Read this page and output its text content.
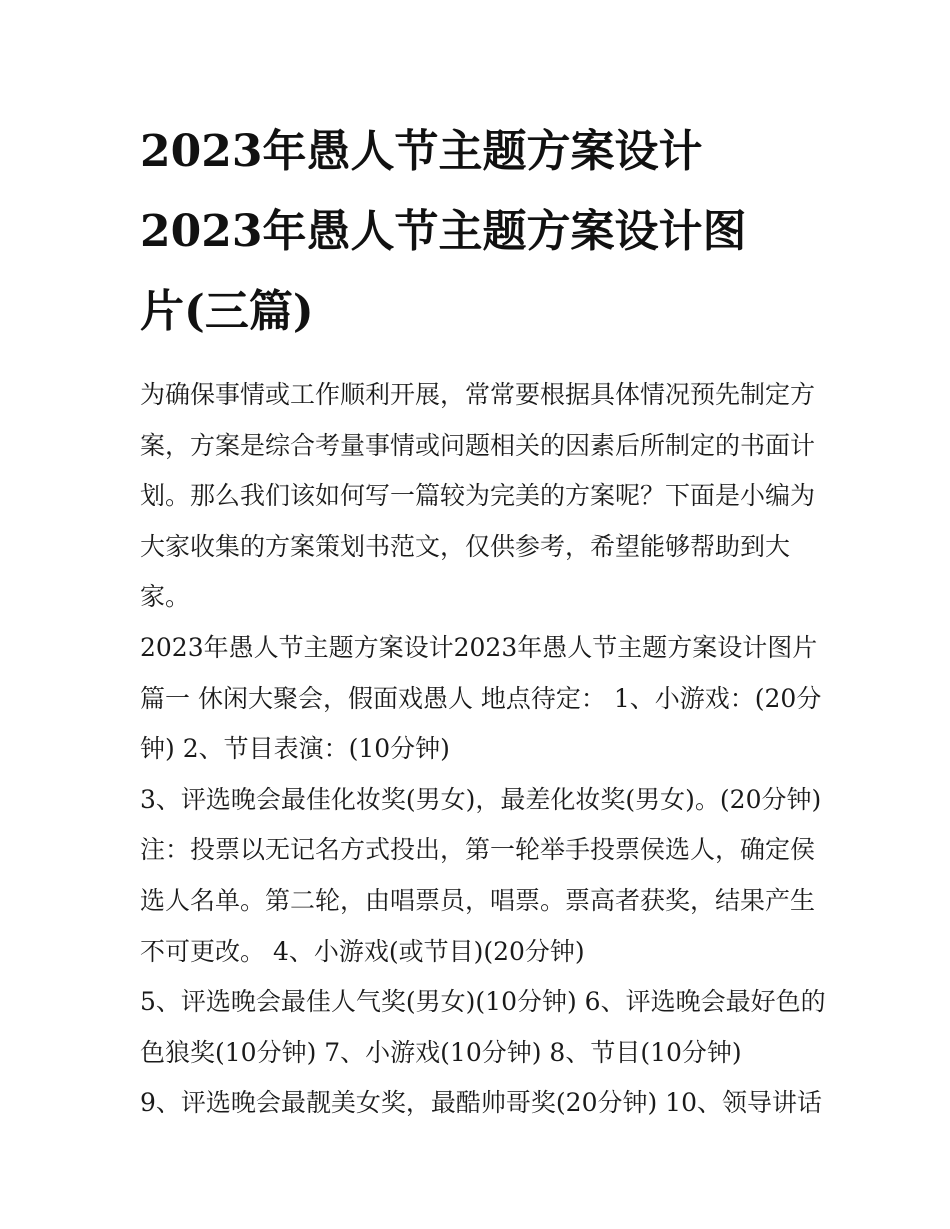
2023年愚人节主题方案设计
2023年愚人节主题方案设计图
片(三篇)
为确保事情或工作顺利开展，常常要根据具体情况预先制定方
案，方案是综合考量事情或问题相关的因素后所制定的书面计
划。那么我们该如何写一篇较为完美的方案呢？下面是小编为
大家收集的方案策划书范文，仅供参考，希望能够帮助到大
家。
2023年愚人节主题方案设计2023年愚人节主题方案设计图片
篇一 休闲大聚会，假面戏愚人 地点待定： 1、小游戏：(20分
钟) 2、节目表演：(10分钟)
3、评选晚会最佳化妆奖(男女)，最差化妆奖(男女)。(20分钟)
注：投票以无记名方式投出，第一轮举手投票侯选人，确定侯
选人名单。第二轮，由唱票员，唱票。票高者获奖，结果产生
不可更改。 4、小游戏(或节目)(20分钟)
5、评选晚会最佳人气奖(男女)(10分钟) 6、评选晚会最好色的
色狼奖(10分钟) 7、小游戏(10分钟) 8、节目(10分钟)
9、评选晚会最靓美女奖，最酷帅哥奖(20分钟) 10、领导讲话
